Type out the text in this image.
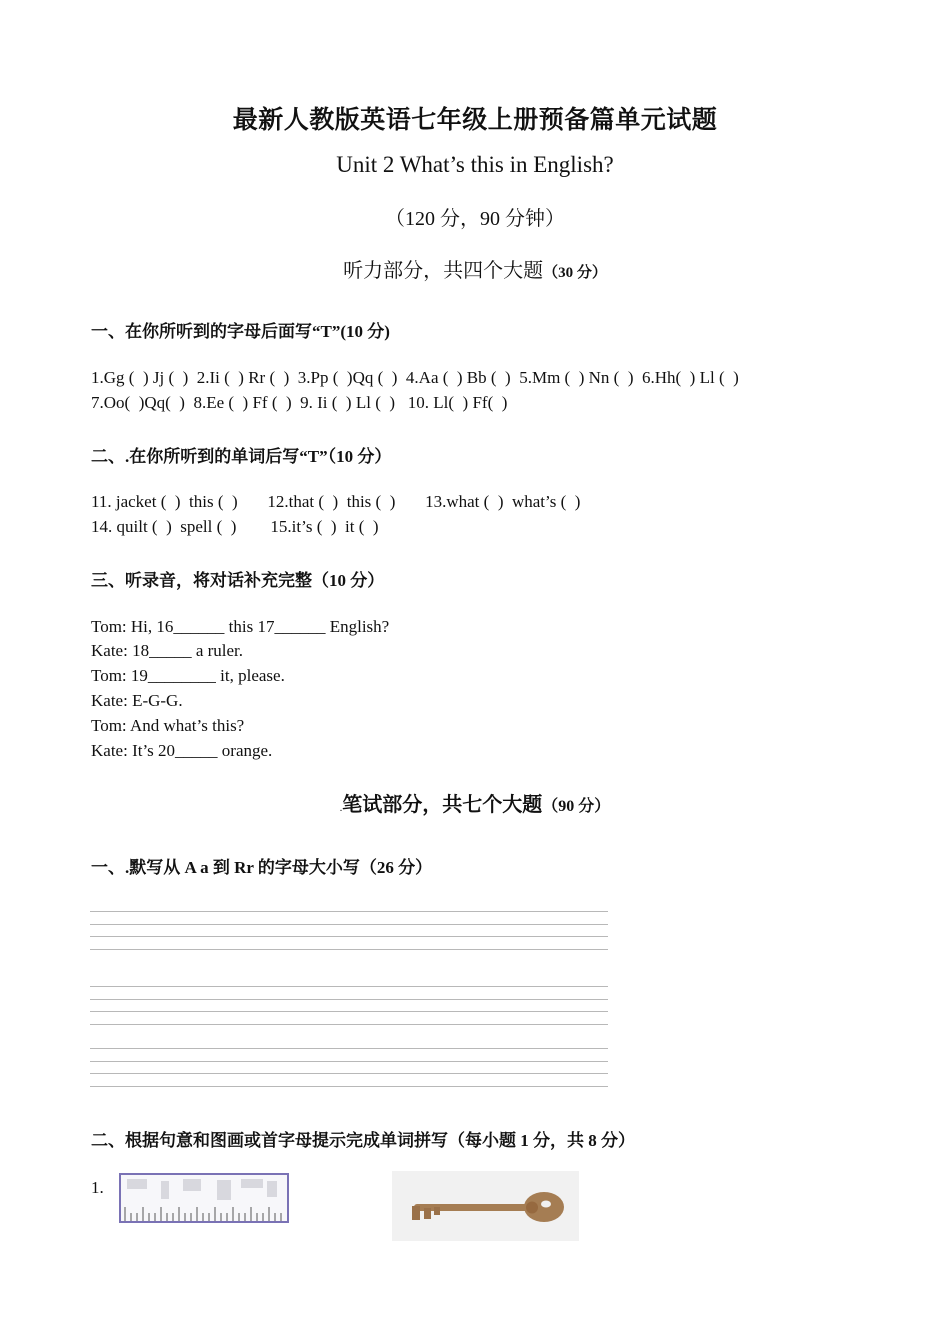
最新人教版英语七年级上册预备篇单元试题
Unit 2 What’s this in English?
（120 分，90 分钟）
听力部分，共四个大题（30 分）
一、在你所听到的字母后面写“T”(10 分)
1.Gg (  ) Jj (  )  2.Ii (  ) Rr (  )  3.Pp (  )Qq (  )  4.Aa (  ) Bb (  )  5.Mm (  ) Nn (  )  6.Hh(  ) Ll (  )
7.Oo(  )Qq(  )  8.Ee (  ) Ff (  )  9. Ii (  ) Ll (  )   10. Ll(  ) Ff(  )
二、.在你所听到的单词后写“T”（10 分）
11. jacket (  )  this (  )       12.that (  )  this (  )       13.what (  )  what’s (  )
14. quilt (  )  spell (  )        15.it’s (  )  it (  )
三、听录音，将对话补充完整（10 分）
Tom: Hi, 16______ this 17______ English?
Kate: 18_____ a ruler.
Tom: 19________ it, please.
Kate: E-G-G.
Tom: And what’s this?
Kate: It’s 20_____ orange.
.笔试部分，共七个大题（90 分）
一、.默写从 A a 到 Rr 的字母大小写（26 分）
二、根据句意和图画或首字母提示完成单词拼写（每小题 1 分，共 8 分）
1.
